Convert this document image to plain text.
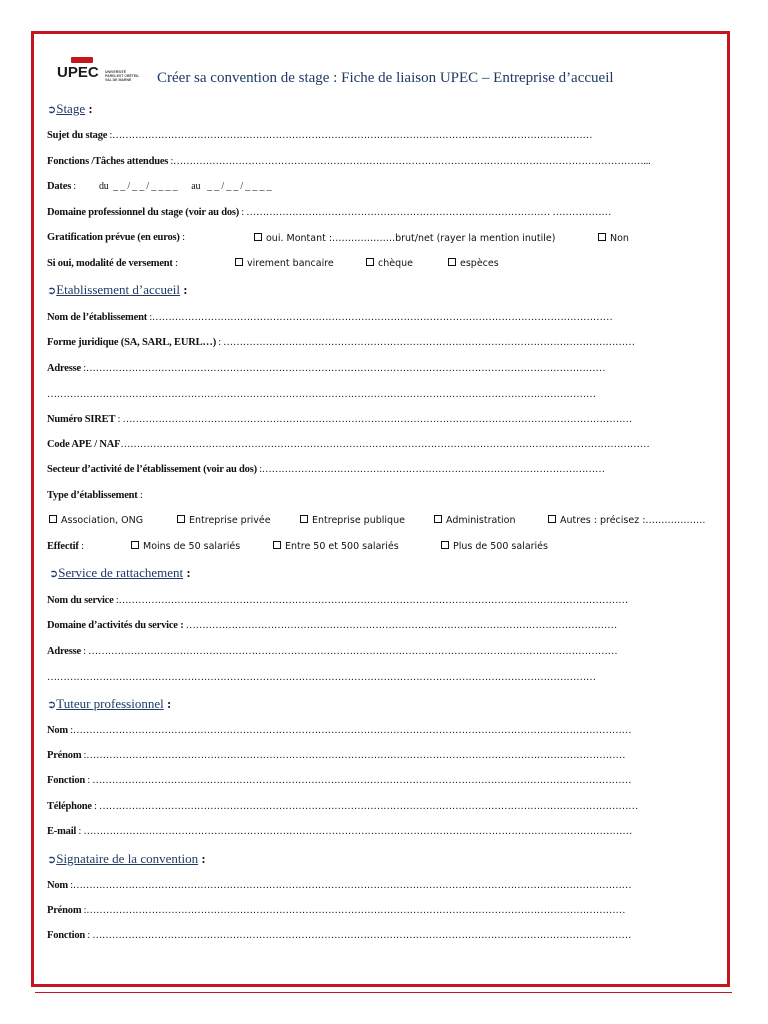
UPEC UNIVERSITÉ
PARIS-EST CRÉTEIL
VAL DE MARNE Créer sa convention de stage : Fiche de liaison UPEC – Entreprise d’accueil
➲Stage :
Sujet du stage :…………………………………………………………………………………………………………………………………
Fonctions /Tâches attendues :………………………………………………………………………………………………………………………………...
Dates :          du  _ _ / _ _ / _ _ _ _      au   _ _ / _ _ / _ _ _ _
Domaine professionnel du stage (voir au dos) : ………………………………………………………………………………… ………………
Gratification prévue (en euros) :	oui. Montant :………………..brut/net (rayer la mention inutile)	Non
Si oui, modalité de versement :	virement bancaire	chèque	espèces
➲Etablissement d’accueil :
Nom de l’établissement :……………………………………………………………………………………………………………………………
Forme juridique (SA, SARL, EURL…) : ………………………………………………………………………………………………………………
Adresse :……………………………………………………………………………………………………………………………………………
……………………………………………………………………………………………………………………………………………………
Numéro SIRET : …………………………………………………………………………………………………………………………………………
Code APE / NAF………………………………………………………………………………………………………………………………………………
Secteur d’activité de l’établissement (voir au dos) :……………………………………………………………………………………………
Type d’établissement :
Association, ONG	Entreprise privée	Entreprise publique	Administration	Autres : précisez :……………….
Effectif :	Moins de 50 salariés	Entre 50 et 500 salariés	Plus de 500 salariés
➲Service de rattachement :
Nom du service :…………………………………………………………………………………………………………………………………………
Domaine d’activités du service : ……………………………………………………………………………………………………………………
Adresse : ………………………………………………………………………………………………………………………………………………
……………………………………………………………………………………………………………………………………………………
➲Tuteur professionnel :
Nom :………………………………………………………………………………………………………………………………………………………
Prénom :…………………………………………………………………………………………………………………………………………………
Fonction : …………………………………………………………………………………………………………………………………………………
Téléphone : …………………………………………………………………………………………………………………………………………………
E-mail : ……………………………………………………………………………………………………………………………………………………
➲Signataire de la convention :
Nom :………………………………………………………………………………………………………………………………………………………
Prénom :…………………………………………………………………………………………………………………………………………………
Fonction : …………………………………………………………………………………………………………………………………………………
